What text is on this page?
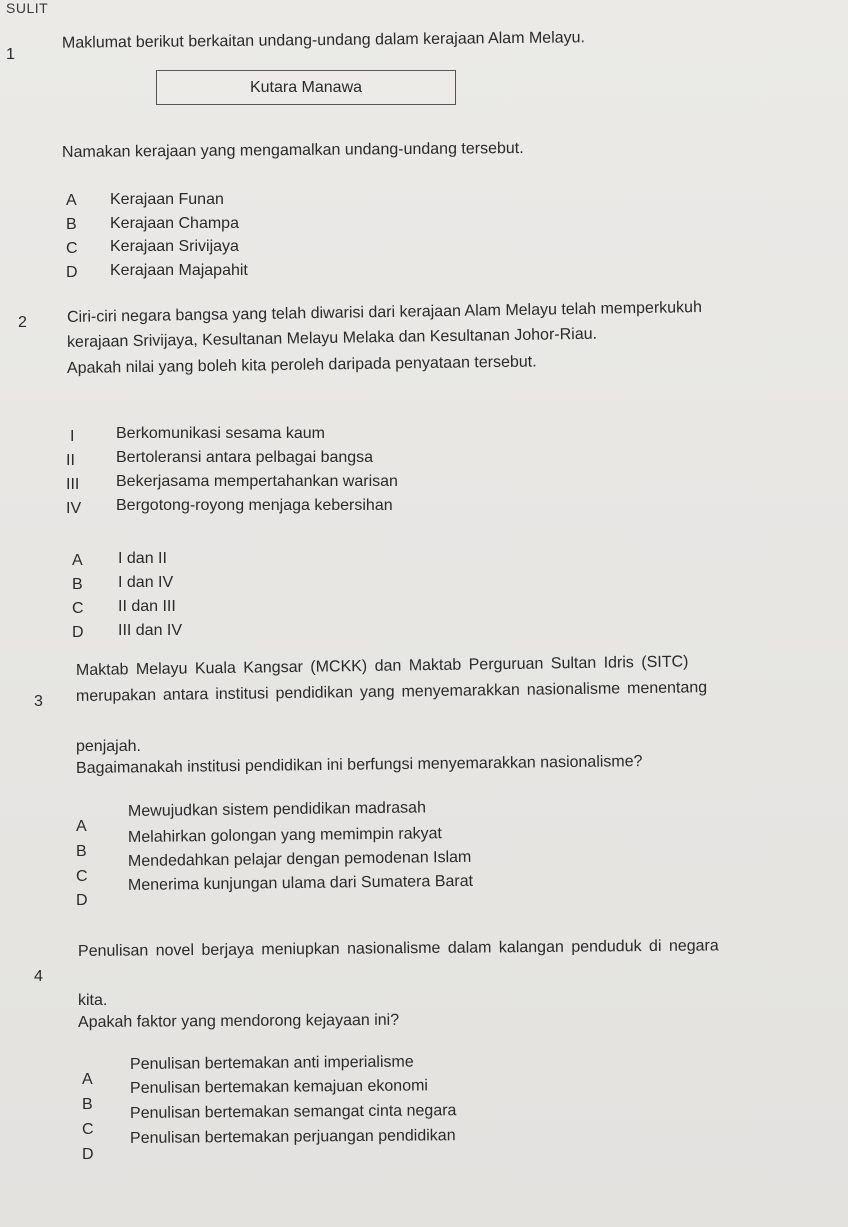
SULIT
1
Maklumat berikut berkaitan undang-undang dalam kerajaan Alam Melayu.
Kutara Manawa
Namakan kerajaan yang mengamalkan undang-undang tersebut.
A Kerajaan Funan
B Kerajaan Champa
C Kerajaan Srivijaya
D Kerajaan Majapahit
2 Ciri-ciri negara bangsa yang telah diwarisi dari kerajaan Alam Melayu telah memperkukuh
kerajaan Srivijaya, Kesultanan Melayu Melaka dan Kesultanan Johor-Riau.
Apakah nilai yang boleh kita peroleh daripada penyataan tersebut.
I	Berkomunikasi sesama kaum
II	Bertoleransi antara pelbagai bangsa
III Bekerjasama mempertahankan warisan
IV Bergotong-royong menjaga kebersihan
A I dan II
B I dan IV
C II dan III
D III dan IV
3
Maktab Melayu Kuala Kangsar (MCKK) dan Maktab Perguruan Sultan Idris (SITC)
merupakan antara institusi pendidikan yang menyemarakkan nasionalisme menentang
penjajah.
Bagaimanakah institusi pendidikan ini berfungsi menyemarakkan nasionalisme?
A
Mewujudkan sistem pendidikan madrasah
B
Melahirkan golongan yang memimpin rakyat
C
Mendedahkan pelajar dengan pemodenan Islam
D
Menerima kunjungan ulama dari Sumatera Barat
4
Penulisan novel berjaya meniupkan nasionalisme dalam kalangan penduduk di negara
kita.
Apakah faktor yang mendorong kejayaan ini?
A
Penulisan bertemakan anti imperialisme
B
Penulisan bertemakan kemajuan ekonomi
C
Penulisan bertemakan semangat cinta negara
D
Penulisan bertemakan perjuangan pendidikan
